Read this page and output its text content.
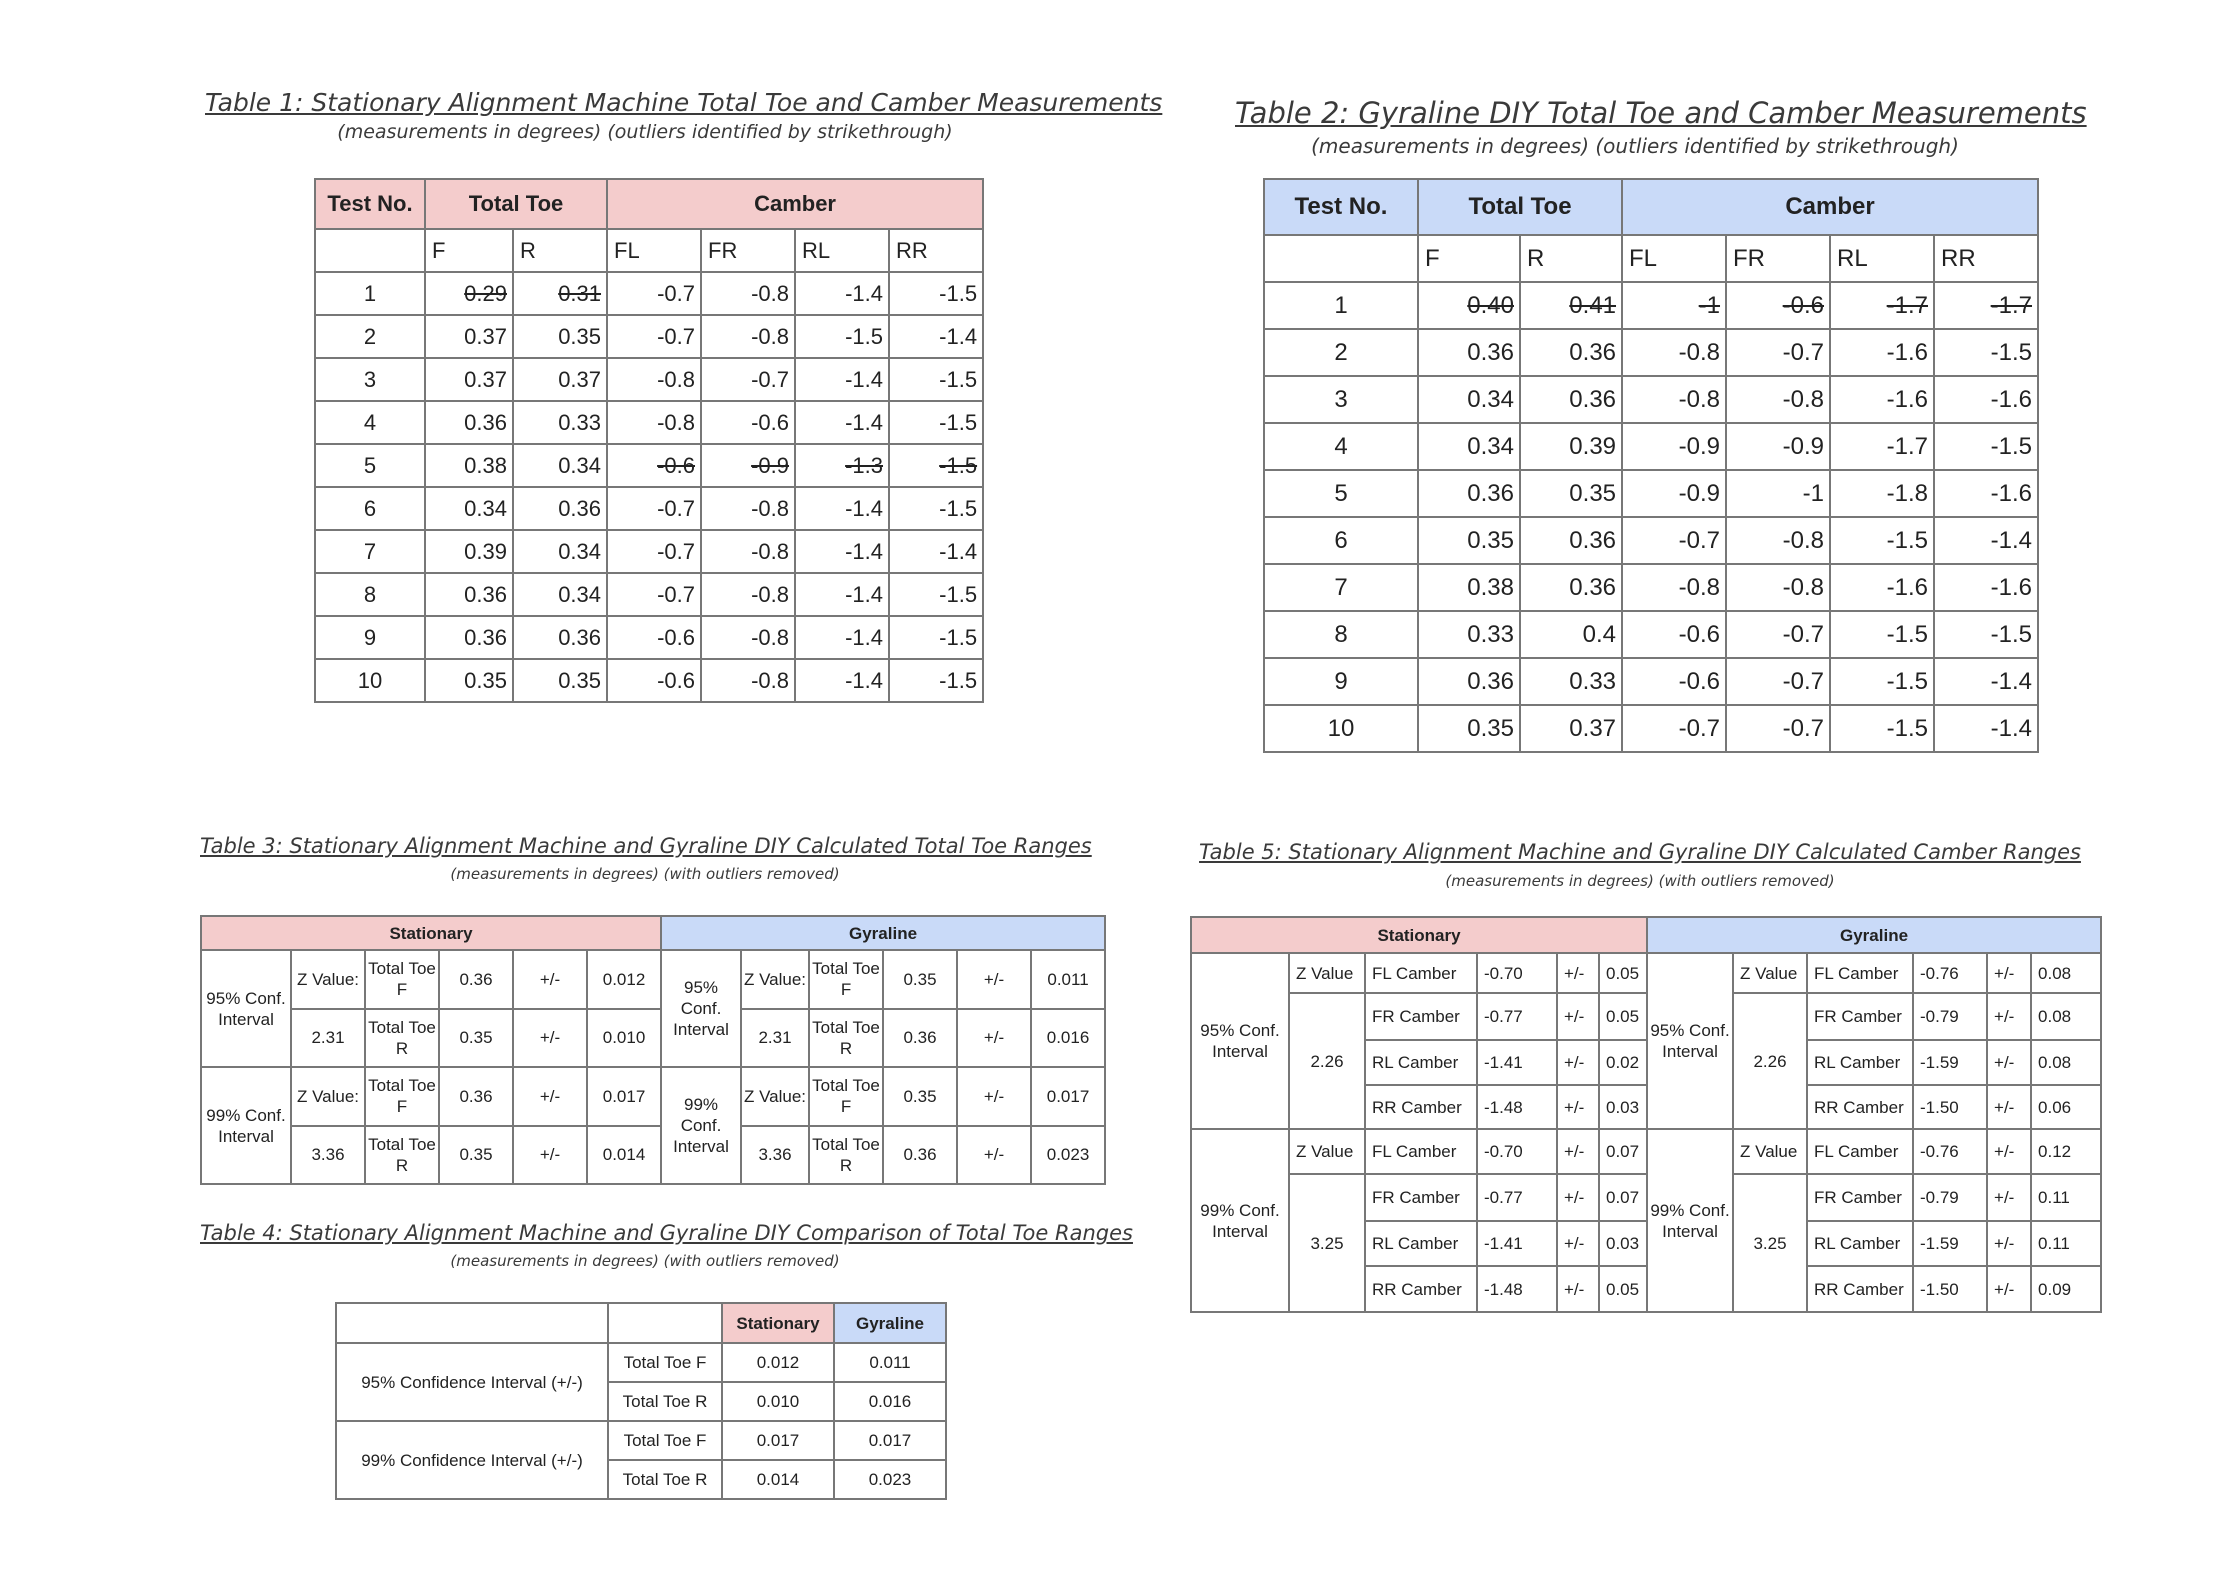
Table 1: Stationary Alignment Machine Total Toe and Camber Measurements
(measurements in degrees) (outliers identified by strikethrough)
Test No.	Total Toe		Camber			
	F	R	FL	FR	RL	RR
1	0.29	0.31	-0.7	-0.8	-1.4	-1.5
2	0.37	0.35	-0.7	-0.8	-1.5	-1.4
3	0.37	0.37	-0.8	-0.7	-1.4	-1.5
4	0.36	0.33	-0.8	-0.6	-1.4	-1.5
5	0.38	0.34	-0.6	-0.9	-1.3	-1.5
6	0.34	0.36	-0.7	-0.8	-1.4	-1.5
7	0.39	0.34	-0.7	-0.8	-1.4	-1.4
8	0.36	0.34	-0.7	-0.8	-1.4	-1.5
9	0.36	0.36	-0.6	-0.8	-1.4	-1.5
10	0.35	0.35	-0.6	-0.8	-1.4	-1.5
Table 2: Gyraline DIY Total Toe and Camber Measurements
(measurements in degrees) (outliers identified by strikethrough)
Test No.	Total Toe		Camber			
	F	R	FL	FR	RL	RR
1	0.40	0.41	-1	-0.6	-1.7	-1.7
2	0.36	0.36	-0.8	-0.7	-1.6	-1.5
3	0.34	0.36	-0.8	-0.8	-1.6	-1.6
4	0.34	0.39	-0.9	-0.9	-1.7	-1.5
5	0.36	0.35	-0.9	-1	-1.8	-1.6
6	0.35	0.36	-0.7	-0.8	-1.5	-1.4
7	0.38	0.36	-0.8	-0.8	-1.6	-1.6
8	0.33	0.4	-0.6	-0.7	-1.5	-1.5
9	0.36	0.33	-0.6	-0.7	-1.5	-1.4
10	0.35	0.37	-0.7	-0.7	-1.5	-1.4
Table 3: Stationary Alignment Machine and Gyraline DIY Calculated Total Toe Ranges
(measurements in degrees) (with outliers removed)
Stationary						Gyraline					
95% Conf. Interval	Z Value:	Total Toe F	0.36	+/-	0.012	95% Conf. Interval	Z Value:	Total Toe F	0.35	+/-	0.011
	2.31	Total Toe R	0.35	+/-	0.010		2.31	Total Toe R	0.36	+/-	0.016
99% Conf. Interval	Z Value:	Total Toe F	0.36	+/-	0.017	99% Conf. Interval	Z Value:	Total Toe F	0.35	+/-	0.017
	3.36	Total Toe R	0.35	+/-	0.014		3.36	Total Toe R	0.36	+/-	0.023
Table 4: Stationary Alignment Machine and Gyraline DIY Comparison of Total Toe Ranges
(measurements in degrees) (with outliers removed)
		Stationary	Gyraline
95% Confidence Interval (+/-)	Total Toe F	0.012	0.011
	Total Toe R	0.010	0.016
99% Confidence Interval (+/-)	Total Toe F	0.017	0.017
	Total Toe R	0.014	0.023
Table 5: Stationary Alignment Machine and Gyraline DIY Calculated Camber Ranges
(measurements in degrees) (with outliers removed)
Stationary						Gyraline					
95% Conf. Interval	Z Value	FL Camber	-0.70	+/-	0.05	95% Conf. Interval	Z Value	FL Camber	-0.76	+/-	0.08
	2.26	FR Camber	-0.77	+/-	0.05		2.26	FR Camber	-0.79	+/-	0.08
		RL Camber	-1.41	+/-	0.02			RL Camber	-1.59	+/-	0.08
		RR Camber	-1.48	+/-	0.03			RR Camber	-1.50	+/-	0.06
99% Conf. Interval	Z Value	FL Camber	-0.70	+/-	0.07	99% Conf. Interval	Z Value	FL Camber	-0.76	+/-	0.12
	3.25	FR Camber	-0.77	+/-	0.07		3.25	FR Camber	-0.79	+/-	0.11
		RL Camber	-1.41	+/-	0.03			RL Camber	-1.59	+/-	0.11
		RR Camber	-1.48	+/-	0.05			RR Camber	-1.50	+/-	0.09
